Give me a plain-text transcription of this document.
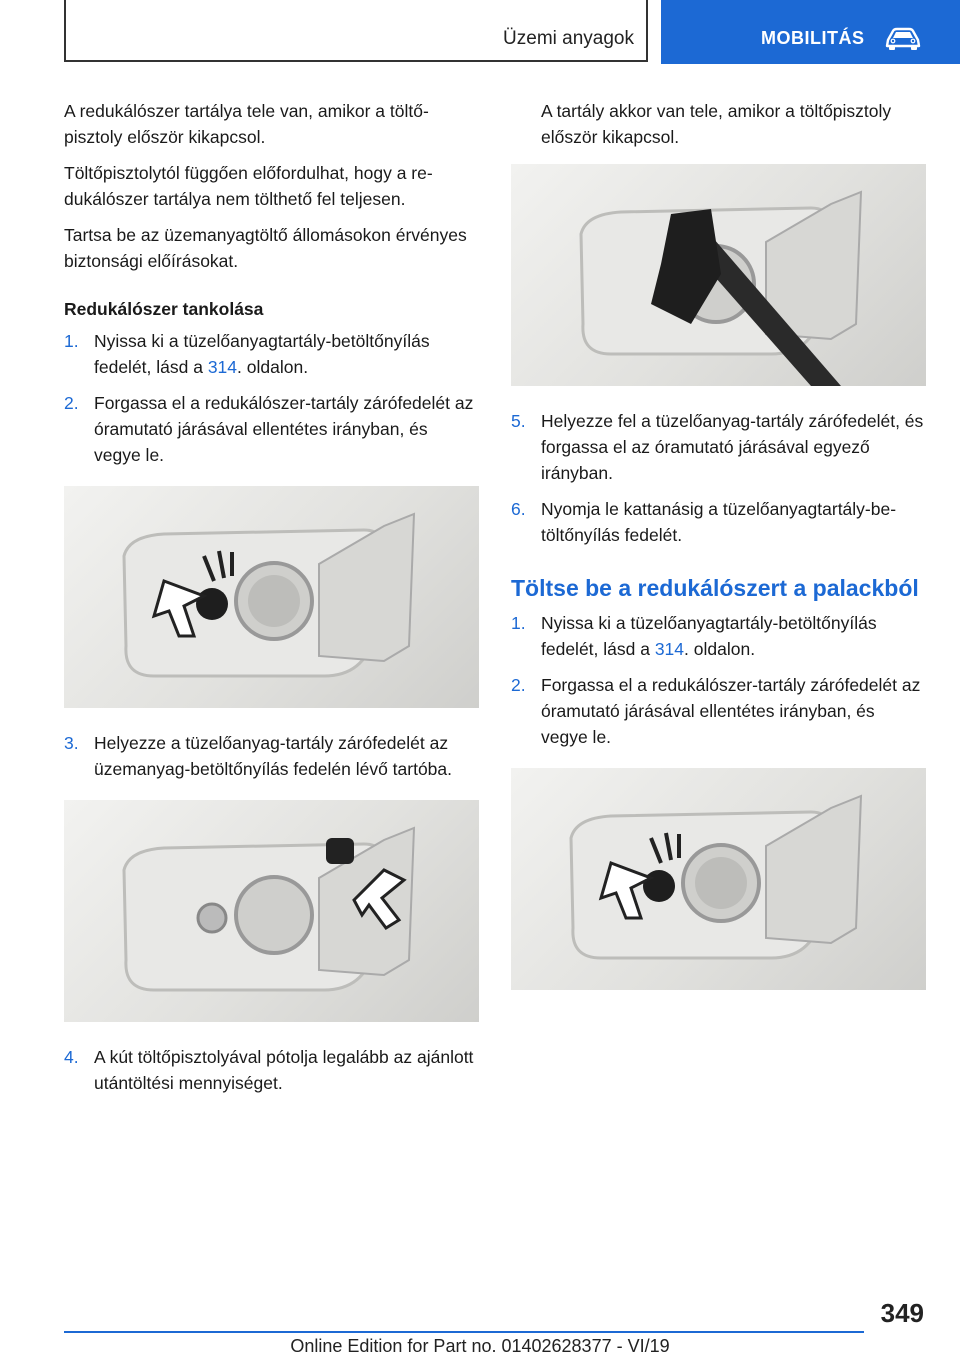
Üzemi anyagok	MOBILITÁS

A redukálószer tartálya tele van, amikor a töltőpisztoly először kikapcsol.

Töltőpisztolytól függően előfordulhat, hogy a redukálószer tartálya nem tölthető fel teljesen.

Tartsa be az üzemanyagtöltő állomásokon érvényes biztonsági előírásokat.

Redukálószer tankolása
1. Nyissa ki a tüzelőanyagtartály-betöltőnyílás fedelét, lásd a 314. oldalon.
2. Forgassa el a redukálószer-tartály zárófedelét az óramutató járásával ellentétes irányban, és vegye le.
3. Helyezze a tüzelőanyag-tartály zárófedelét az üzemanyag-betöltőnyílás fedelén lévő tartóba.
4. A kút töltőpisztolyával pótolja legalább az ajánlott utántöltési mennyiséget.
A tartály akkor van tele, amikor a töltőpisztoly először kikapcsol.
5. Helyezze fel a tüzelőanyag-tartály zárófedelét, és forgassa el az óramutató járásával egyező irányban.
6. Nyomja le kattanásig a tüzelőanyagtartály-betöltőnyílás fedelét.
Töltse be a redukálószert a palackból
1. Nyissa ki a tüzelőanyagtartály-betöltőnyílás fedelét, lásd a 314. oldalon.
2. Forgassa el a redukálószer-tartály zárófedelét az óramutató járásával ellentétes irányban, és vegye le.
349
Online Edition for Part no. 01402628377 - VI/19
